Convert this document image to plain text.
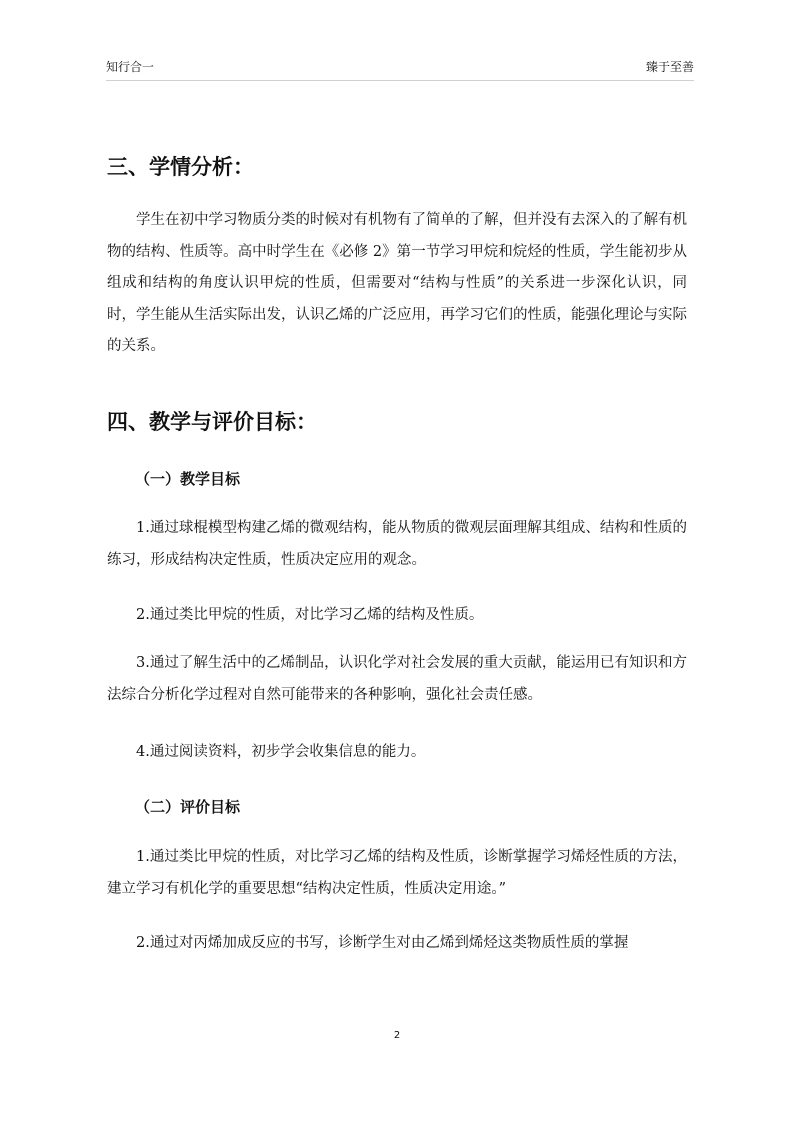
知行合一	臻于至善
三、学情分析：

学生在初中学习物质分类的时候对有机物有了简单的了解，但并没有去深入的了解有机物的结构、性质等。高中时学生在《必修 2》第一节学习甲烷和烷烃的性质，学生能初步从组成和结构的角度认识甲烷的性质，但需要对“结构与性质”的关系进一步深化认识，同时，学生能从生活实际出发，认识乙烯的广泛应用，再学习它们的性质，能强化理论与实际的关系。

四、教学与评价目标：
（一）教学目标

1.通过球棍模型构建乙烯的微观结构，能从物质的微观层面理解其组成、结构和性质的练习，形成结构决定性质，性质决定应用的观念。

2.通过类比甲烷的性质，对比学习乙烯的结构及性质。

3.通过了解生活中的乙烯制品，认识化学对社会发展的重大贡献，能运用已有知识和方法综合分析化学过程对自然可能带来的各种影响，强化社会责任感。

4.通过阅读资料，初步学会收集信息的能力。

（二）评价目标

1.通过类比甲烷的性质，对比学习乙烯的结构及性质，诊断掌握学习烯烃性质的方法，建立学习有机化学的重要思想“结构决定性质，性质决定用途。”

2.通过对丙烯加成反应的书写，诊断学生对由乙烯到烯烃这类物质性质的掌握

2
